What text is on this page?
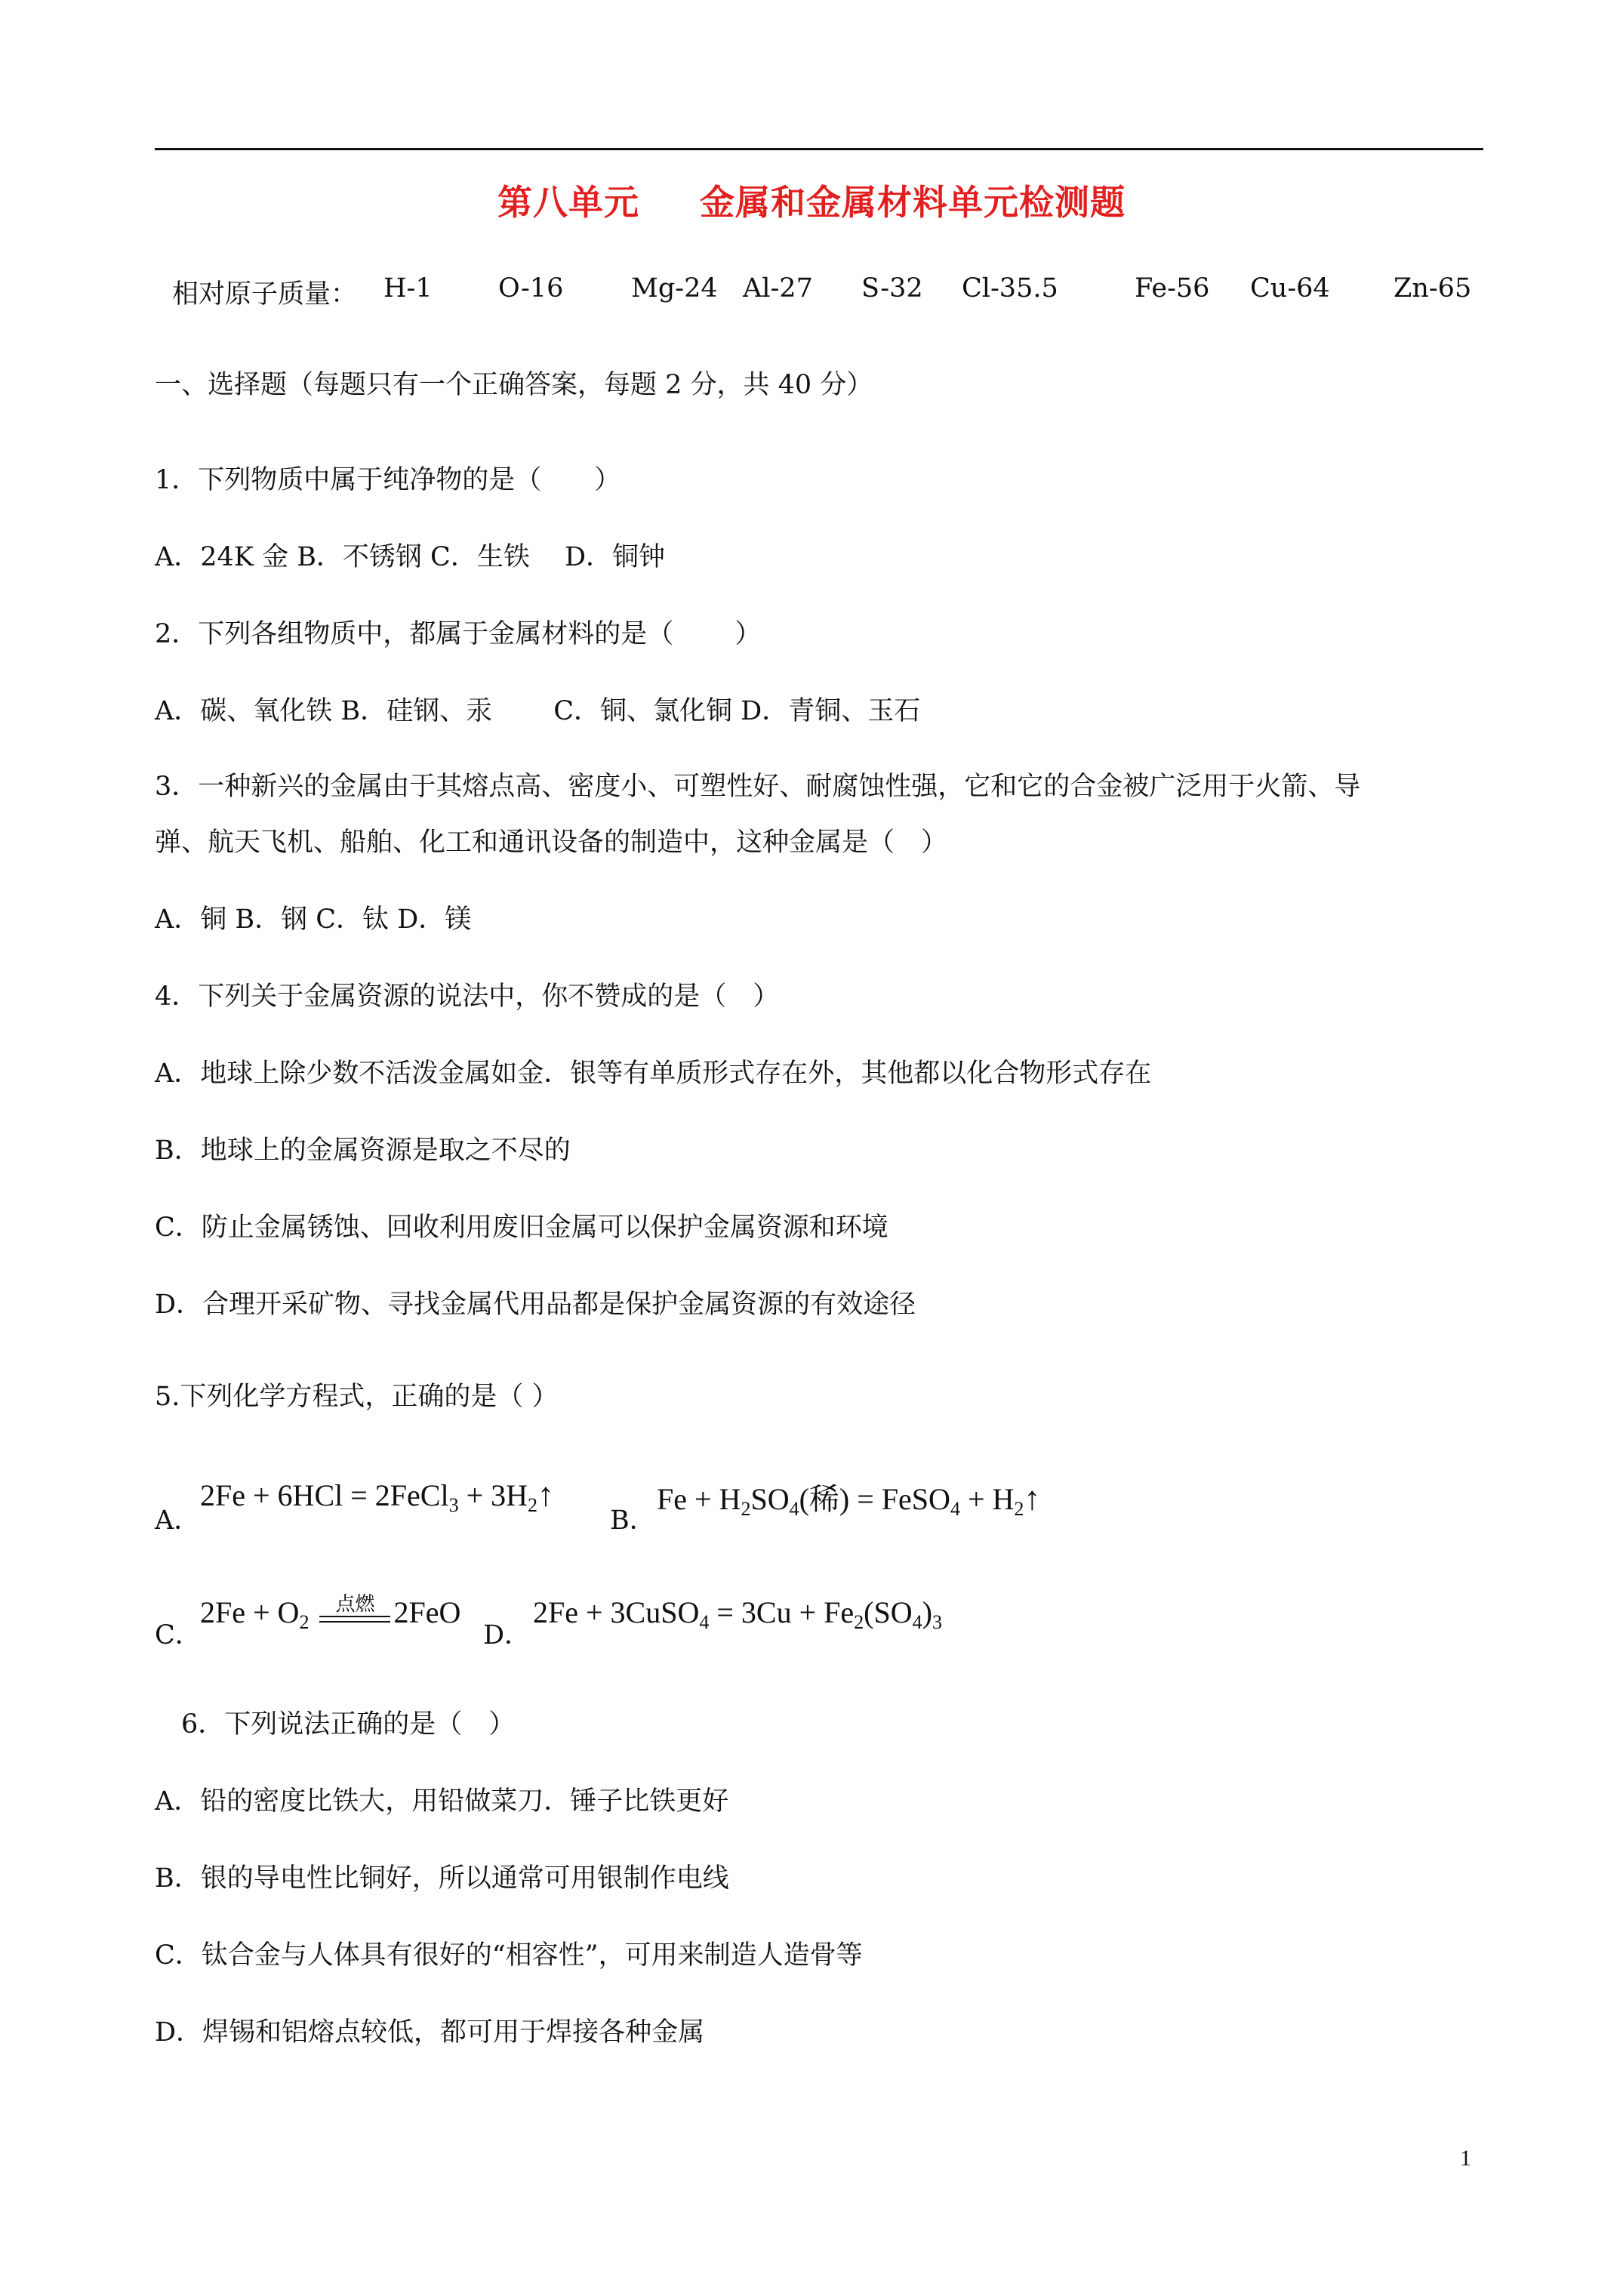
第八单元 金属和金属材料单元检测题
相对原子质量： H-1 O-16	Mg-24 Al-27 S-32 Cl-35.5	Fe-56 Cu-64 Zn-65
一、选择题（每题只有一个正确答案，每题 2 分，共 40 分）
1．下列物质中属于纯净物的是（　　）
A．24K 金 B．不锈钢 C．生铁　 D．铜钟
2．下列各组物质中，都属于金属材料的是（　　 ）
A．碳、氧化铁 B．硅钢、汞　　 C．铜、氯化铜 D．青铜、玉石
3．一种新兴的金属由于其熔点高、密度小、可塑性好、耐腐蚀性强，它和它的合金被广泛用于火箭、导
弹、航天飞机、船舶、化工和通讯设备的制造中，这种金属是（　）
A．铜 B．钢 C．钛 D．镁
4．下列关于金属资源的说法中，你不赞成的是（　）
A．地球上除少数不活泼金属如金．银等有单质形式存在外，其他都以化合物形式存在
B．地球上的金属资源是取之不尽的
C．防止金属锈蚀、回收利用废旧金属可以保护金属资源和环境
D．合理开采矿物、寻找金属代用品都是保护金属资源的有效途径
5.下列化学方程式，正确的是（ ）
A．
2Fe + 6HCl = 2FeCl$_3$ + $3H_2↑$
B．
$Fe + H_2SO_4$(稀) = FeSO$_4$ + $H_2↑$
C．
$2Fe + O_2$
点燃 2FeO
D．
2Fe + 3CuSO$_4$ = $3Cu + Fe_2(SO_4)_3$
　6．下列说法正确的是（　）
A．铅的密度比铁大，用铅做菜刀．锤子比铁更好
B．银的导电性比铜好，所以通常可用银制作电线
C．钛合金与人体具有很好的“相容性”，可用来制造人造骨等
D．焊锡和铝熔点较低，都可用于焊接各种金属
1
